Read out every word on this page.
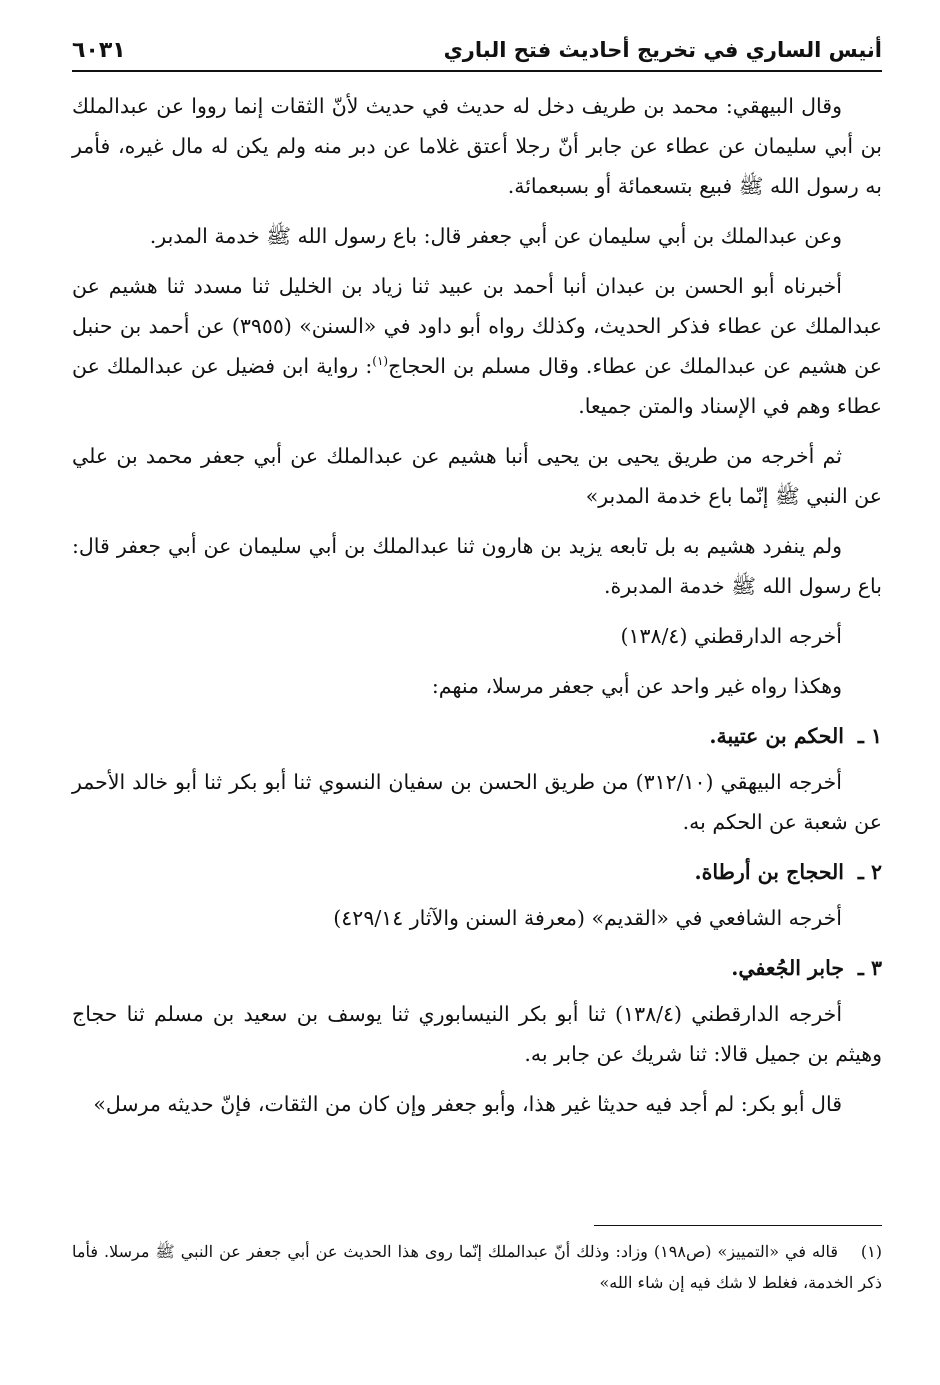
أنيس الساري في تخريج أحاديث فتح الباري
٦٠٣١

وقال البيهقي: محمد بن طريف دخل له حديث في حديث لأنّ الثقات إنما رووا عن عبدالملك بن أبي سليمان عن عطاء عن جابر أنّ رجلا أعتق غلاما عن دبر منه ولم يكن له مال غيره، فأمر به رسول الله ﷺ فبيع بتسعمائة أو بسبعمائة.

وعن عبدالملك بن أبي سليمان عن أبي جعفر قال: باع رسول الله ﷺ خدمة المدبر.

أخبرناه أبو الحسن بن عبدان أنبا أحمد بن عبيد ثنا زياد بن الخليل ثنا مسدد ثنا هشيم عن عبدالملك عن عطاء فذكر الحديث، وكذلك رواه أبو داود في «السنن» (٣٩٥٥) عن أحمد بن حنبل عن هشيم عن عبدالملك عن عطاء. وقال مسلم بن الحجاج$^{(١)}$: رواية ابن فضيل عن عبدالملك عن عطاء وهم في الإسناد والمتن جميعا.

ثم أخرجه من طريق يحيى بن يحيى أنبا هشيم عن عبدالملك عن أبي جعفر محمد بن علي عن النبي ﷺ إنّما باع خدمة المدبر»

ولم ينفرد هشيم به بل تابعه يزيد بن هارون ثنا عبدالملك بن أبي سليمان عن أبي جعفر قال: باع رسول الله ﷺ خدمة المدبرة.

أخرجه الدارقطني (١٣٨/٤)

وهكذا رواه غير واحد عن أبي جعفر مرسلا، منهم:

١ ـالحكم بن عتيبة.

أخرجه البيهقي (٣١٢/١٠) من طريق الحسن بن سفيان النسوي ثنا أبو بكر ثنا أبو خالد الأحمر عن شعبة عن الحكم به.

٢ ـالحجاج بن أرطاة.

أخرجه الشافعي في «القديم» (معرفة السنن والآثار ٤٢٩/١٤)

٣ ـجابر الجُعفي.

أخرجه الدارقطني (١٣٨/٤) ثنا أبو بكر النيسابوري ثنا يوسف بن سعيد بن مسلم ثنا حجاج وهيثم بن جميل قالا: ثنا شريك عن جابر به.

قال أبو بكر: لم أجد فيه حديثا غير هذا، وأبو جعفر وإن كان من الثقات، فإنّ حديثه مرسل»

(١)قاله في «التمييز» (ص١٩٨) وزاد: وذلك أنّ عبدالملك إنّما روى هذا الحديث عن أبي جعفر عن النبي ﷺ مرسلا. فأما ذكر الخدمة، فغلط لا شك فيه إن شاء الله»
